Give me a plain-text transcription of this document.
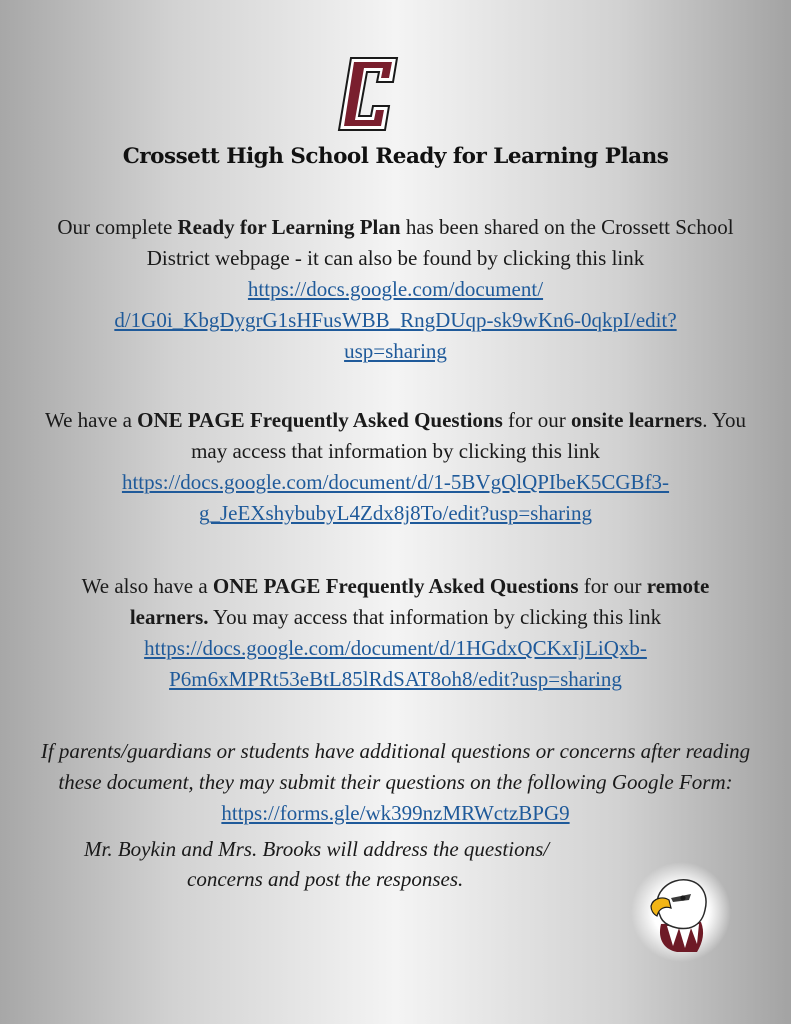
Crossett High School Ready for Learning Plans

Our complete Ready for Learning Plan has been shared on the Crossett School District webpage - it can also be found by clicking this link
https://docs.google.com/document/
d/1G0i_KbgDygrG1sHFusWBB_RngDUqp-sk9wKn6-0qkpI/edit?
usp=sharing

We have a ONE PAGE Frequently Asked Questions for our onsite learners. You may access that information by clicking this link
https://docs.google.com/document/d/1-5BVgQlQPIbeK5CGBf3-
g_JeEXshybubyL4Zdx8j8To/edit?usp=sharing

We also have a ONE PAGE Frequently Asked Questions for our remote learners. You may access that information by clicking this link
https://docs.google.com/document/d/1HGdxQCKxIjLiQxb-
P6m6xMPRt53eBtL85lRdSAT8oh8/edit?usp=sharing

If parents/guardians or students have additional questions or concerns after reading these document, they may submit their questions on the following Google Form: https://forms.gle/wk399nzMRWctzBPG9

Mr. Boykin and Mrs. Brooks will address the questions/

concerns and post the responses.
